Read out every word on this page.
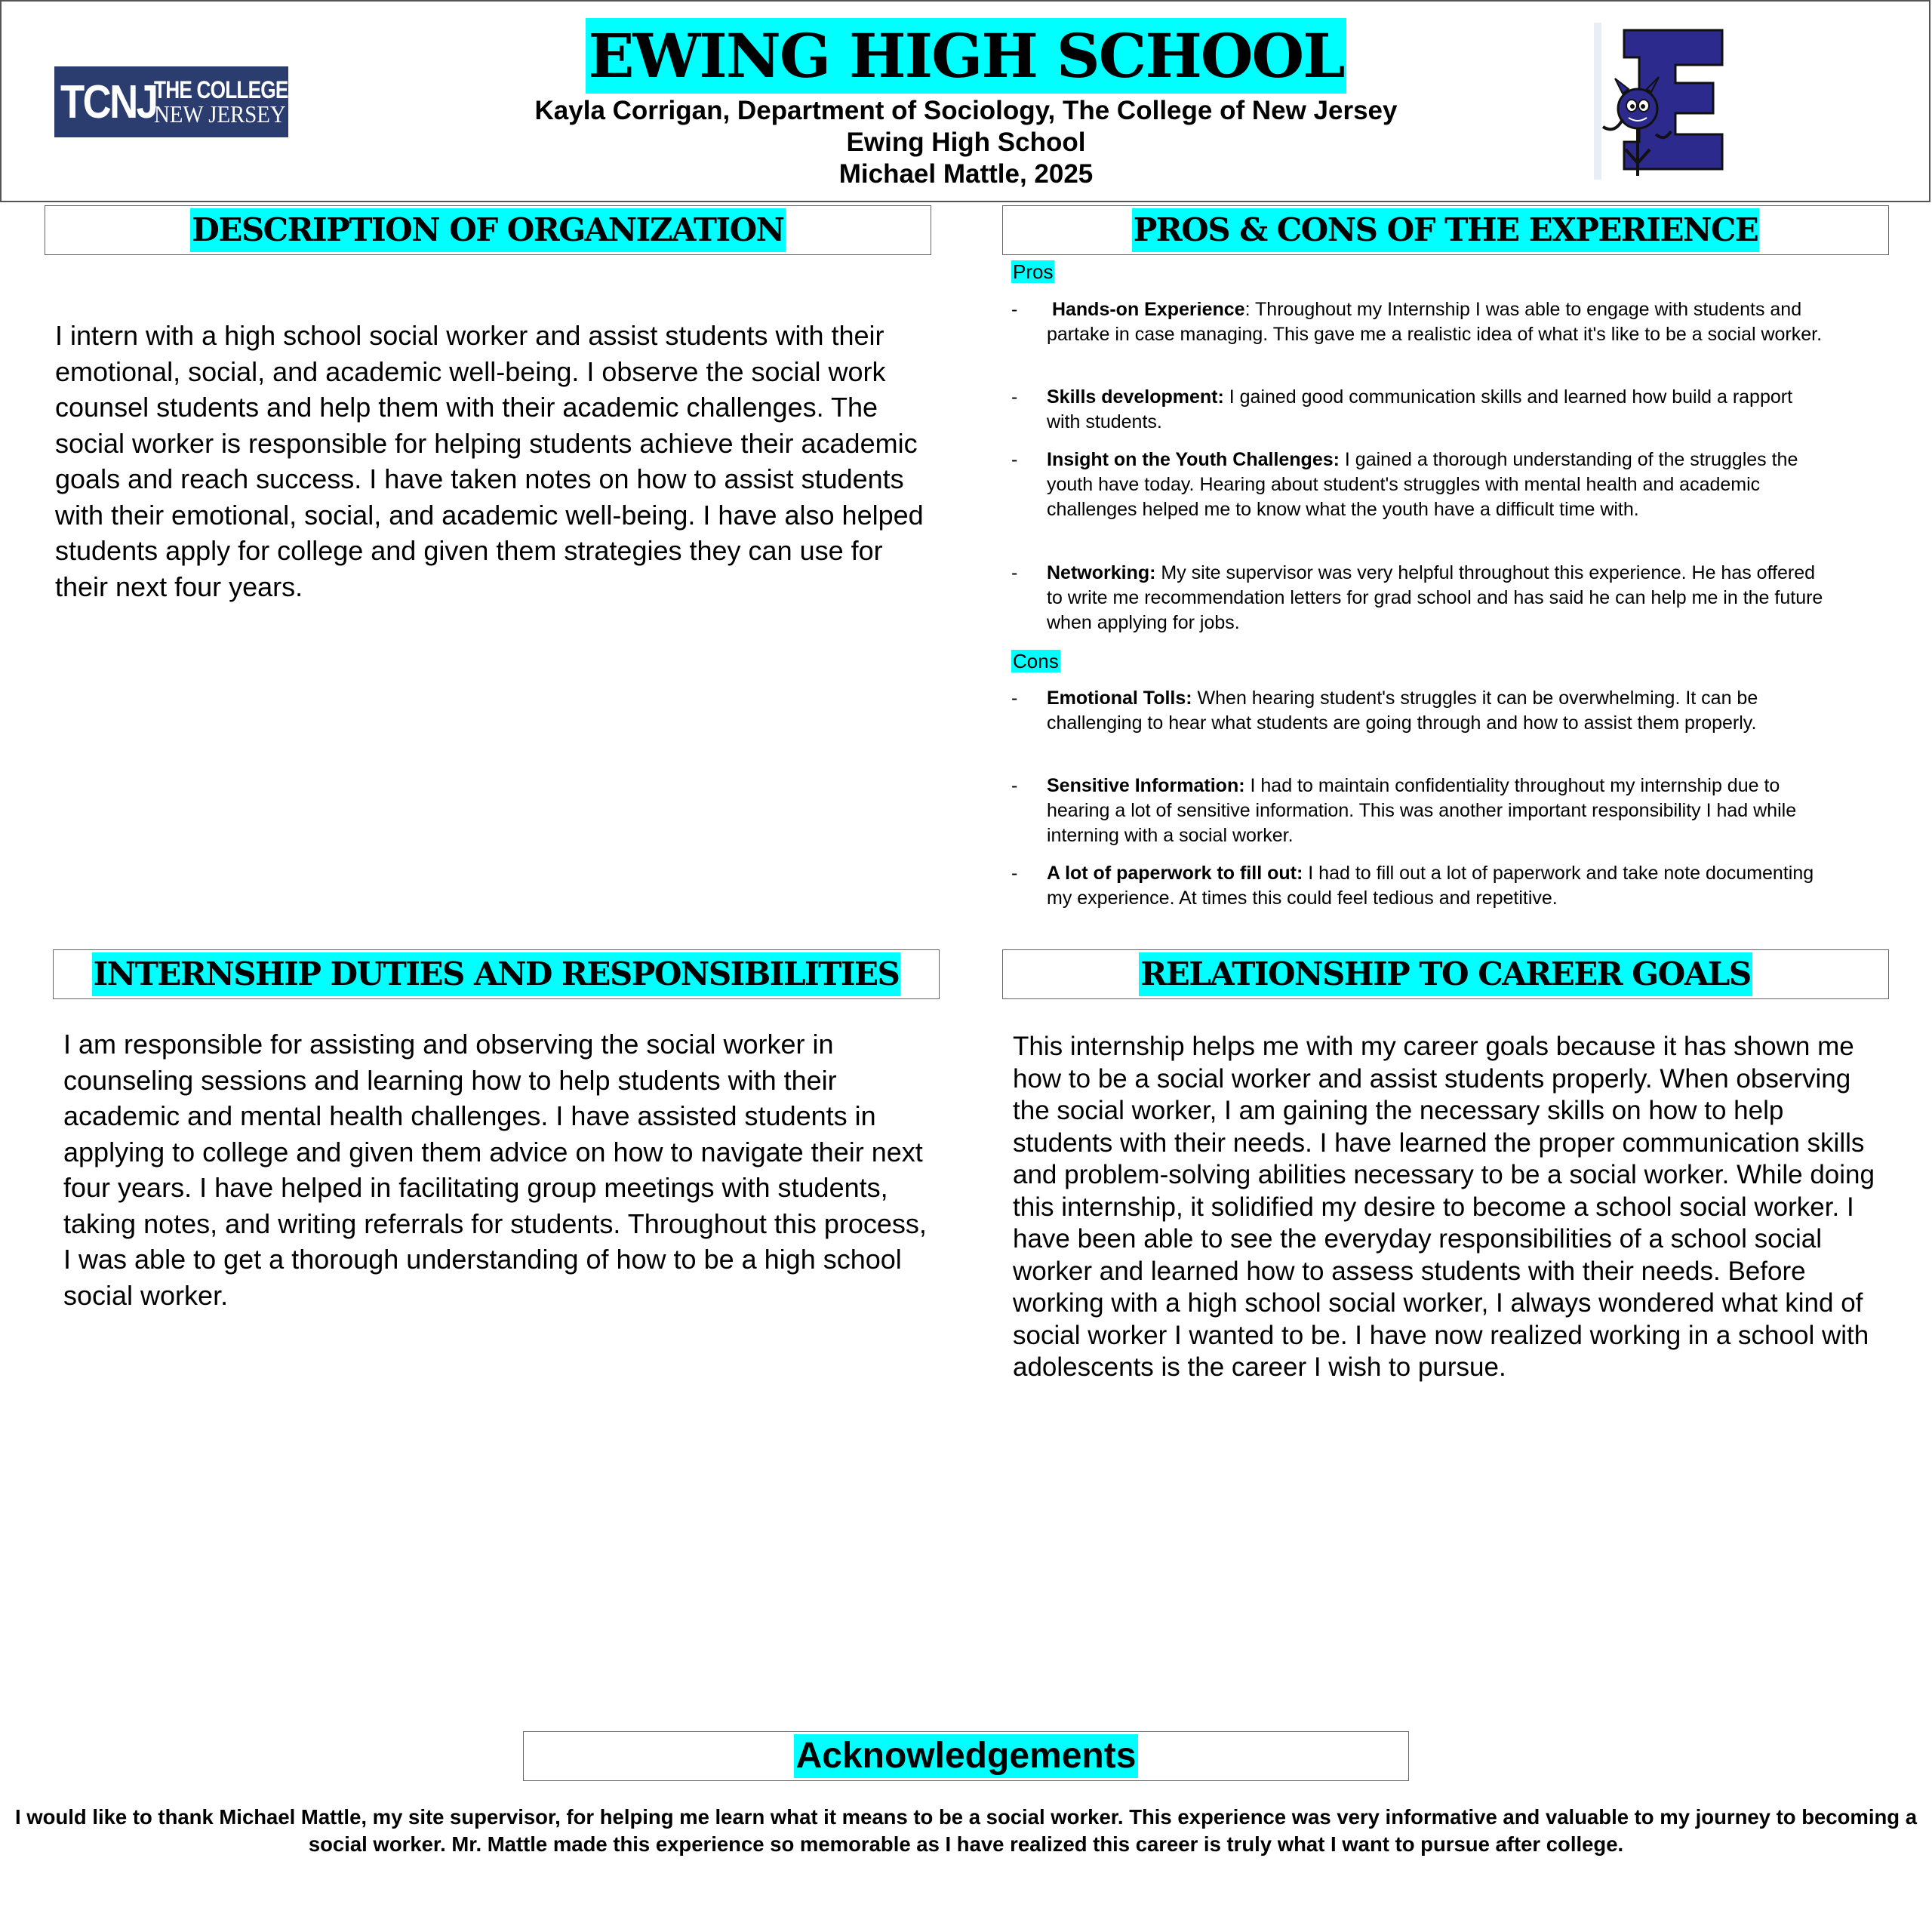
TCNJ
THE COLLEGE OF
NEW JERSEY
EWING HIGH SCHOOL
Kayla Corrigan, Department of Sociology, The College of New Jersey
Ewing High School
Michael Mattle, 2025
DESCRIPTION OF ORGANIZATION
I intern with a high school social worker and assist students with their emotional, social, and academic well-being. I observe the social work counsel students and help them with their academic challenges. The social worker is responsible for helping students achieve their academic goals and reach success. I have taken notes on how to assist students with their emotional, social, and academic well-being. I have also helped students apply for college and given them strategies they can use for their next four years.
PROS & CONS OF THE EXPERIENCE
Pros
- Hands-on Experience: Throughout my Internship I was able to engage with students and partake in case managing. This gave me a realistic idea of what it's like to be a social worker.
- Skills development: I gained good communication skills and learned how build a rapport with students.
- Insight on the Youth Challenges: I gained a thorough understanding of the struggles the youth have today. Hearing about student's struggles with mental health and academic challenges helped me to know what the youth have a difficult time with.
- Networking: My site supervisor was very helpful throughout this experience. He has offered to write me recommendation letters for grad school and has said he can help me in the future when applying for jobs.
Cons
- Emotional Tolls: When hearing student's struggles it can be overwhelming. It can be challenging to hear what students are going through and how to assist them properly.
- Sensitive Information: I had to maintain confidentiality throughout my internship due to hearing a lot of sensitive information. This was another important responsibility I had while interning with a social worker.
- A lot of paperwork to fill out: I had to fill out a lot of paperwork and take note documenting my experience. At times this could feel tedious and repetitive.
INTERNSHIP DUTIES AND RESPONSIBILITIES
I am responsible for assisting and observing the social worker in counseling sessions and learning how to help students with their academic and mental health challenges. I have assisted students in applying to college and given them advice on how to navigate their next four years. I have helped in facilitating group meetings with students, taking notes, and writing referrals for students. Throughout this process, I was able to get a thorough understanding of how to be a high school social worker.
RELATIONSHIP TO CAREER GOALS
This internship helps me with my career goals because it has shown me how to be a social worker and assist students properly. When observing the social worker, I am gaining the necessary skills on how to help students with their needs. I have learned the proper communication skills and problem-solving abilities necessary to be a social worker. While doing this internship, it solidified my desire to become a school social worker. I have been able to see the everyday responsibilities of a school social worker and learned how to assess students with their needs. Before working with a high school social worker, I always wondered what kind of social worker I wanted to be. I have now realized working in a school with adolescents is the career I wish to pursue.
Acknowledgements
I would like to thank Michael Mattle, my site supervisor, for helping me learn what it means to be a social worker. This experience was very informative and valuable to my journey to becoming a social worker. Mr. Mattle made this experience so memorable as I have realized this career is truly what I want to pursue after college.
